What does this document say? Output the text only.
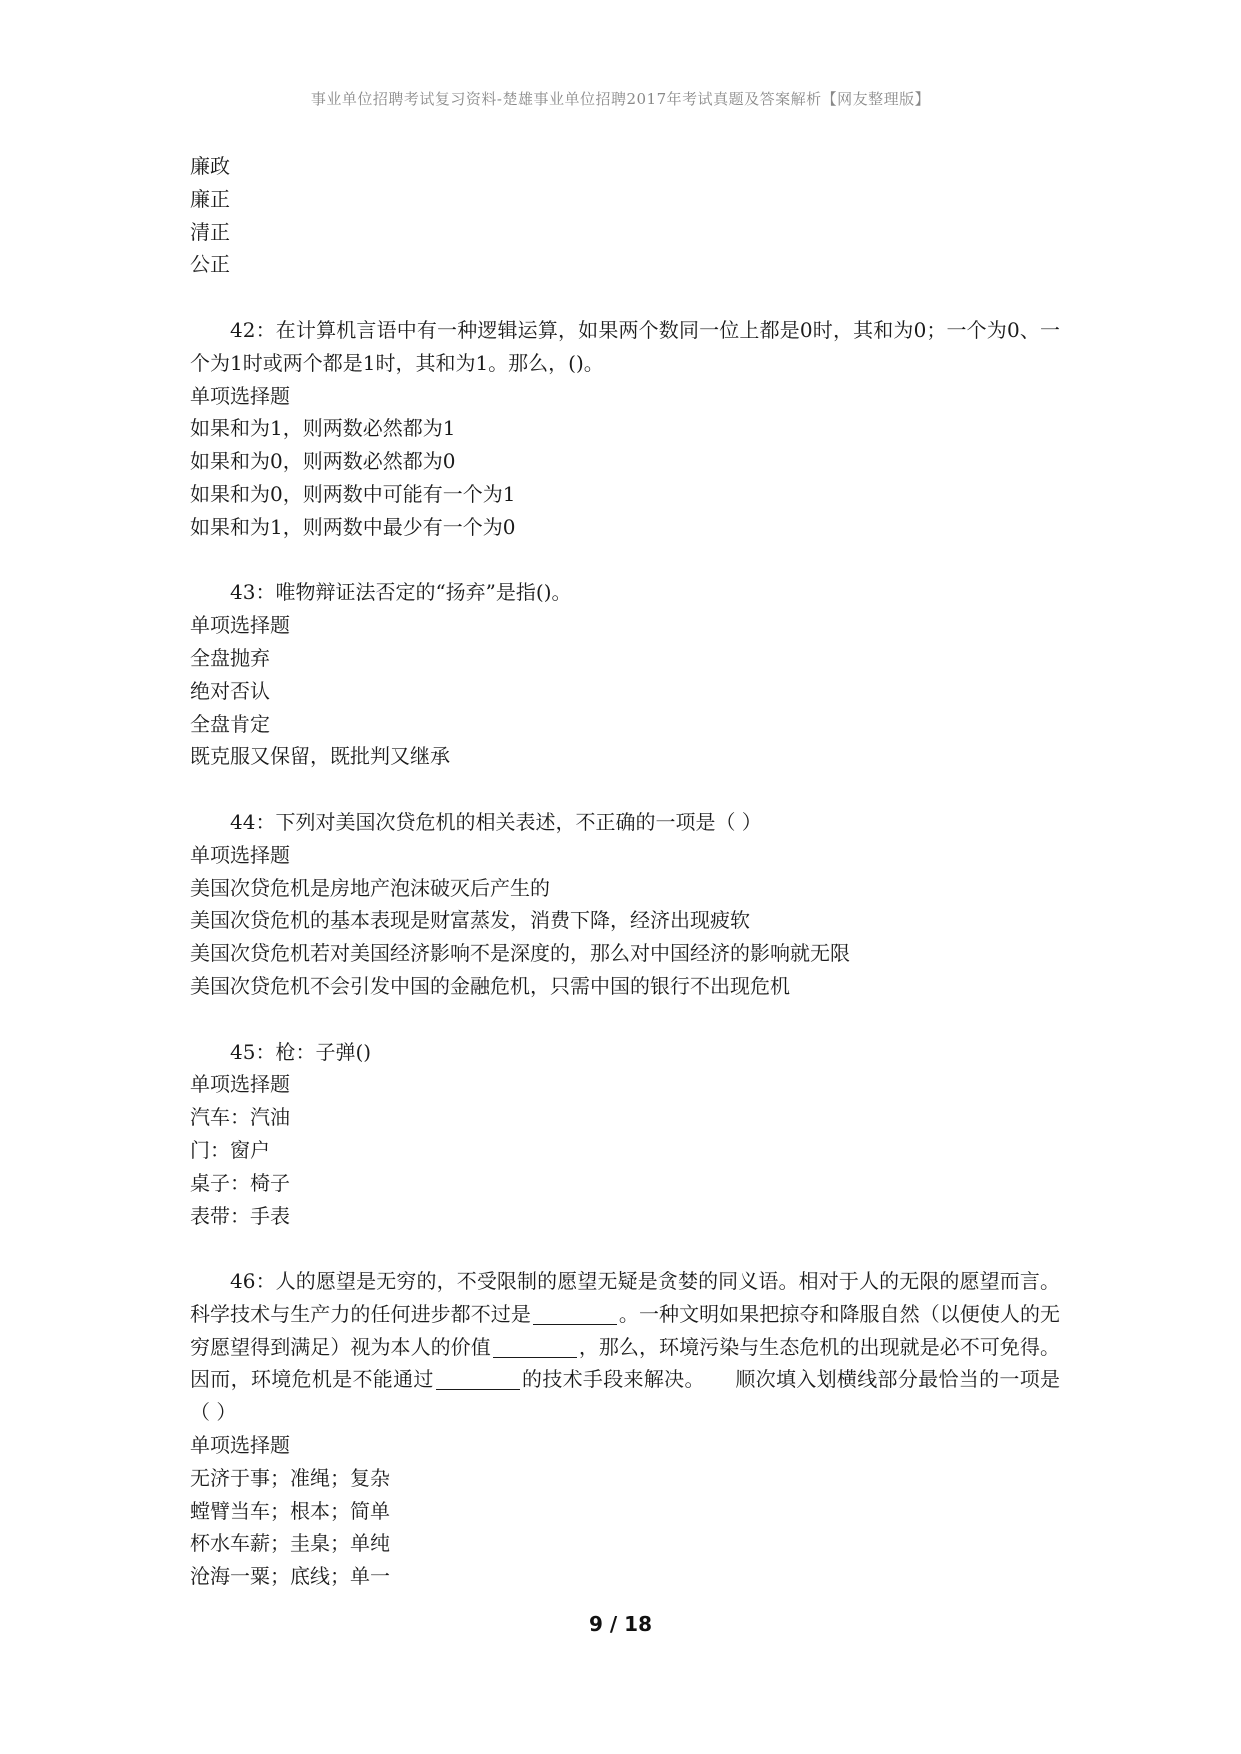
事业单位招聘考试复习资料-楚雄事业单位招聘2017年考试真题及答案解析【网友整理版】
廉政
廉正
清正
公正
42：在计算机言语中有一种逻辑运算，如果两个数同一位上都是0时，其和为0；一个为0、一个为1时或两个都是1时，其和为1。那么，()。
单项选择题
如果和为1，则两数必然都为1
如果和为0，则两数必然都为0
如果和为0，则两数中可能有一个为1
如果和为1，则两数中最少有一个为0
43：唯物辩证法否定的“扬弃”是指()。
单项选择题
全盘抛弃
绝对否认
全盘肯定
既克服又保留，既批判又继承
44：下列对美国次贷危机的相关表述，不正确的一项是（ ）
单项选择题
美国次贷危机是房地产泡沫破灭后产生的
美国次贷危机的基本表现是财富蒸发，消费下降，经济出现疲软
美国次贷危机若对美国经济影响不是深度的，那么对中国经济的影响就无限
美国次贷危机不会引发中国的金融危机，只需中国的银行不出现危机
45：枪：子弹()
单项选择题
汽车：汽油
门：窗户
桌子：椅子
表带：手表
46：人的愿望是无穷的，不受限制的愿望无疑是贪婪的同义语。相对于人的无限的愿望而言。科学技术与生产力的任何进步都不过是	。一种文明如果把掠夺和降服自然（以便使人的无穷愿望得到满足）视为本人的价值	，那么，环境污染与生态危机的出现就是必不可免得。因而，环境危机是不能通过	的技术手段来解决。　　顺次填入划横线部分最恰当的一项是（ ）
单项选择题
无济于事；准绳；复杂
螳臂当车；根本；简单
杯水车薪；圭臬；单纯
沧海一粟；底线；单一
9 / 18
